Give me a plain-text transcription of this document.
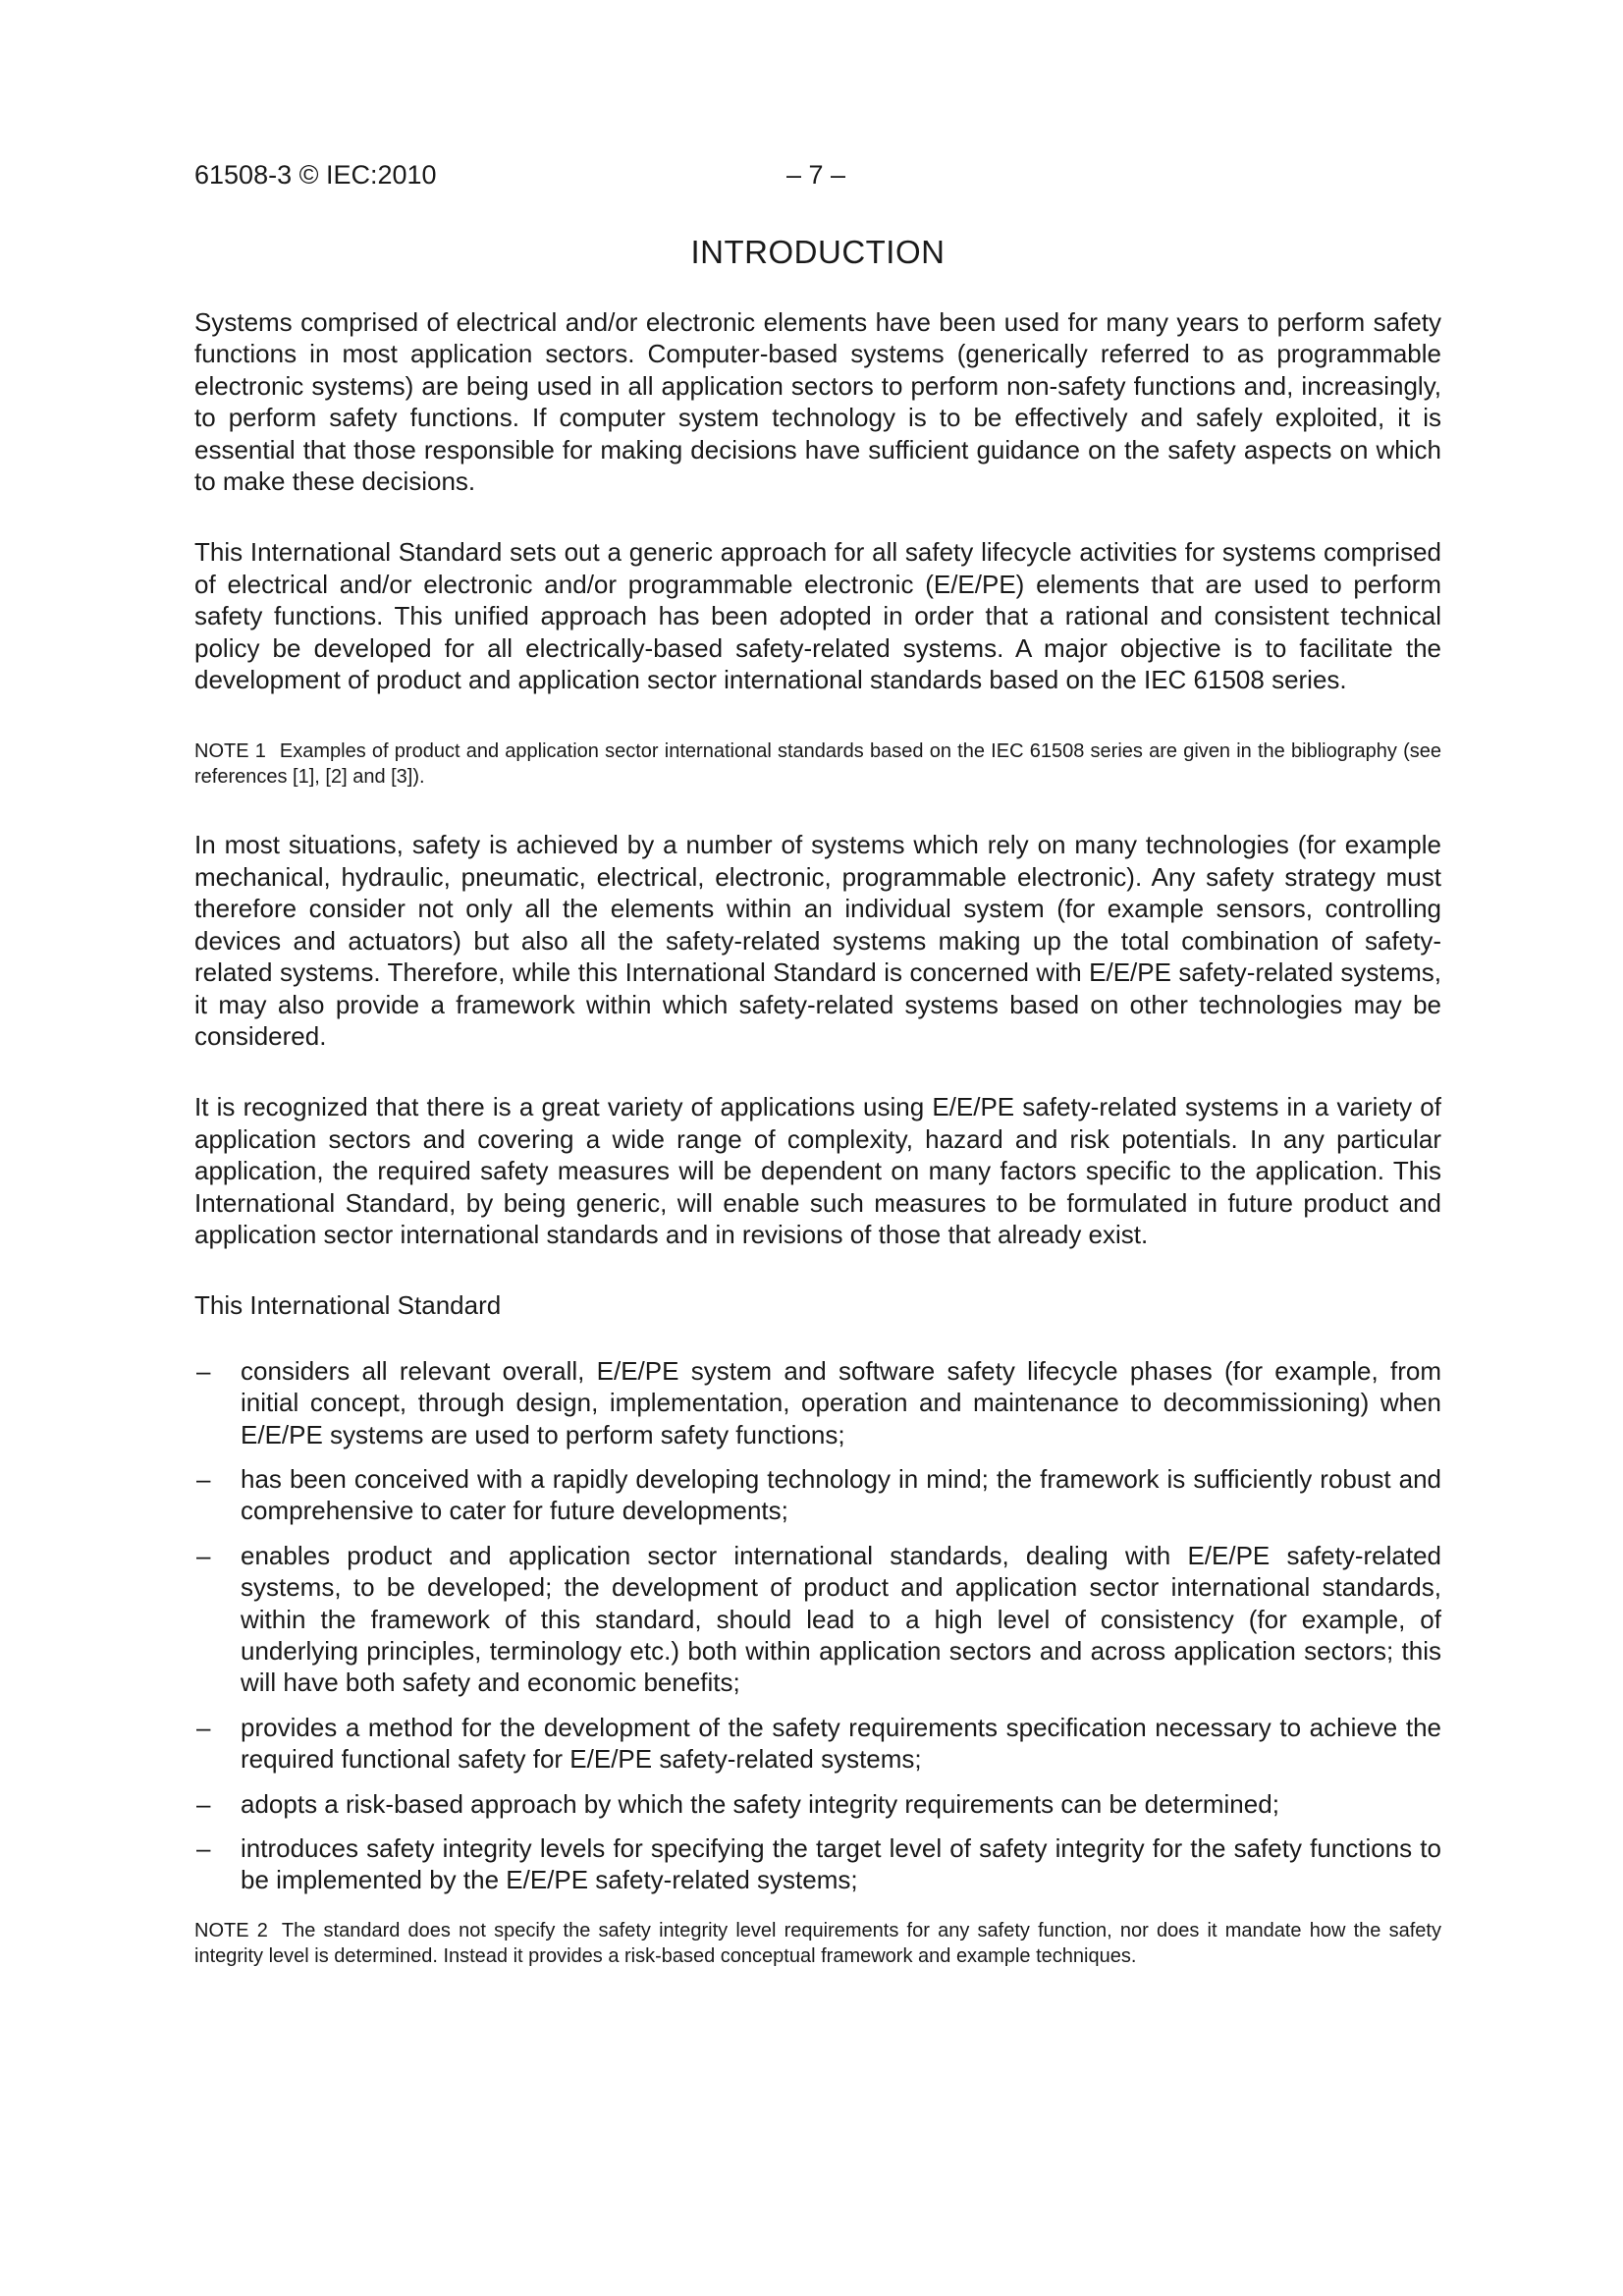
61508-3 © IEC:2010	– 7 –
INTRODUCTION

Systems comprised of electrical and/or electronic elements have been used for many years to perform safety functions in most application sectors. Computer-based systems (generically referred to as programmable electronic systems) are being used in all application sectors to perform non-safety functions and, increasingly, to perform safety functions. If computer system technology is to be effectively and safely exploited, it is essential that those responsible for making decisions have sufficient guidance on the safety aspects on which to make these decisions.

This International Standard sets out a generic approach for all safety lifecycle activities for systems comprised of electrical and/or electronic and/or programmable electronic (E/E/PE) elements that are used to perform safety functions. This unified approach has been adopted in order that a rational and consistent technical policy be developed for all electrically-based safety-related systems. A major objective is to facilitate the development of product and application sector international standards based on the IEC 61508 series.

NOTE 1 Examples of product and application sector international standards based on the IEC 61508 series are given in the bibliography (see references [1], [2] and [3]).

In most situations, safety is achieved by a number of systems which rely on many technologies (for example mechanical, hydraulic, pneumatic, electrical, electronic, programmable electronic). Any safety strategy must therefore consider not only all the elements within an individual system (for example sensors, controlling devices and actuators) but also all the safety-related systems making up the total combination of safety-related systems. Therefore, while this International Standard is concerned with E/E/PE safety-related systems, it may also provide a framework within which safety-related systems based on other technologies may be considered.

It is recognized that there is a great variety of applications using E/E/PE safety-related systems in a variety of application sectors and covering a wide range of complexity, hazard and risk potentials. In any particular application, the required safety measures will be dependent on many factors specific to the application. This International Standard, by being generic, will enable such measures to be formulated in future product and application sector international standards and in revisions of those that already exist.

This International Standard

– considers all relevant overall, E/E/PE system and software safety lifecycle phases (for example, from initial concept, through design, implementation, operation and maintenance to decommissioning) when E/E/PE systems are used to perform safety functions;
– has been conceived with a rapidly developing technology in mind; the framework is sufficiently robust and comprehensive to cater for future developments;
– enables product and application sector international standards, dealing with E/E/PE safety-related systems, to be developed; the development of product and application sector international standards, within the framework of this standard, should lead to a high level of consistency (for example, of underlying principles, terminology etc.) both within application sectors and across application sectors; this will have both safety and economic benefits;
– provides a method for the development of the safety requirements specification necessary to achieve the required functional safety for E/E/PE safety-related systems;
– adopts a risk-based approach by which the safety integrity requirements can be determined;
– introduces safety integrity levels for specifying the target level of safety integrity for the safety functions to be implemented by the E/E/PE safety-related systems;

NOTE 2 The standard does not specify the safety integrity level requirements for any safety function, nor does it mandate how the safety integrity level is determined. Instead it provides a risk-based conceptual framework and example techniques.
